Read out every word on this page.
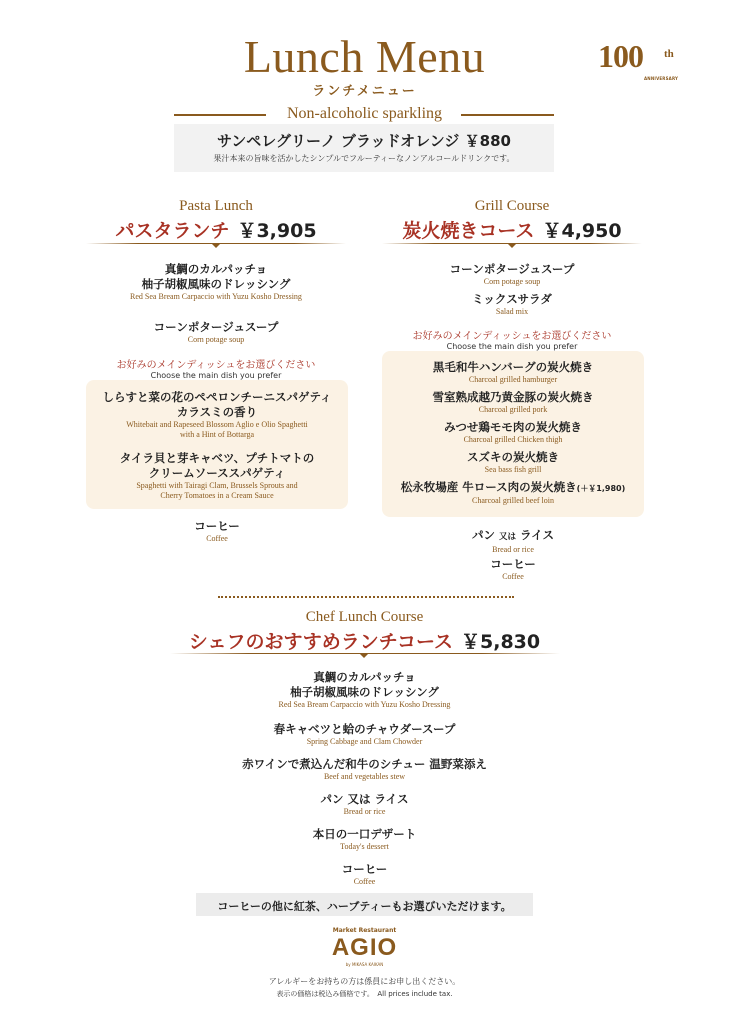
Lunch Menu
ランチメニュー
100 th
ANNIVERSARY
Non-alcoholic sparkling
サンペレグリーノ ブラッドオレンジ ￥880
果汁本来の旨味を活かしたシンプルでフルーティーなノンアルコールドリンクです。
Pasta Lunch
パスタランチ ￥3,905
真鯛のカルパッチョ
柚子胡椒風味のドレッシング
Red Sea Bream Carpaccio with Yuzu Kosho Dressing
コーンポタージュスープ
Corn potage soup
お好みのメインディッシュをお選びください
Choose the main dish you prefer
しらすと菜の花のペペロンチーニスパゲティ
カラスミの香り
Whitebait and Rapeseed Blossom Aglio e Olio Spaghetti
with a Hint of Bottarga
タイラ貝と芽キャベツ、プチトマトの
クリームソーススパゲティ
Spaghetti with Tairagi Clam, Brussels Sprouts and
Cherry Tomatoes in a Cream Sauce
コーヒー
Coffee
Grill Course
炭火焼きコース ￥4,950
コーンポタージュスープ
Corn potage soup
ミックスサラダ
Salad mix
お好みのメインディッシュをお選びください
Choose the main dish you prefer
黒毛和牛ハンバーグの炭火焼き
Charcoal grilled hamburger
雪室熟成越乃黄金豚の炭火焼き
Charcoal grilled pork
みつせ鶏モモ肉の炭火焼き
Charcoal grilled Chicken thigh
スズキの炭火焼き
Sea bass fish grill
松永牧場産 牛ロース肉の炭火焼き(＋￥1,980)
Charcoal grilled beef loin
パン 又は ライス
Bread or rice
コーヒー
Coffee
Chef Lunch Course
シェフのおすすめランチコース ￥5,830
真鯛のカルパッチョ
柚子胡椒風味のドレッシング
Red Sea Bream Carpaccio with Yuzu Kosho Dressing
春キャベツと蛤のチャウダースープ
Spring Cabbage and Clam Chowder
赤ワインで煮込んだ和牛のシチュー 温野菜添え
Beef and vegetables stew
パン 又は ライス
Bread or rice
本日の一口デザート
Today's dessert
コーヒー
Coffee
コーヒーの他に紅茶、ハーブティーもお選びいただけます。
Market Restaurant
AGIO
by MIKASA KAIKAN
アレルギーをお持ちの方は係員にお申し出ください。
表示の価格は税込み価格です。　All prices include tax.
